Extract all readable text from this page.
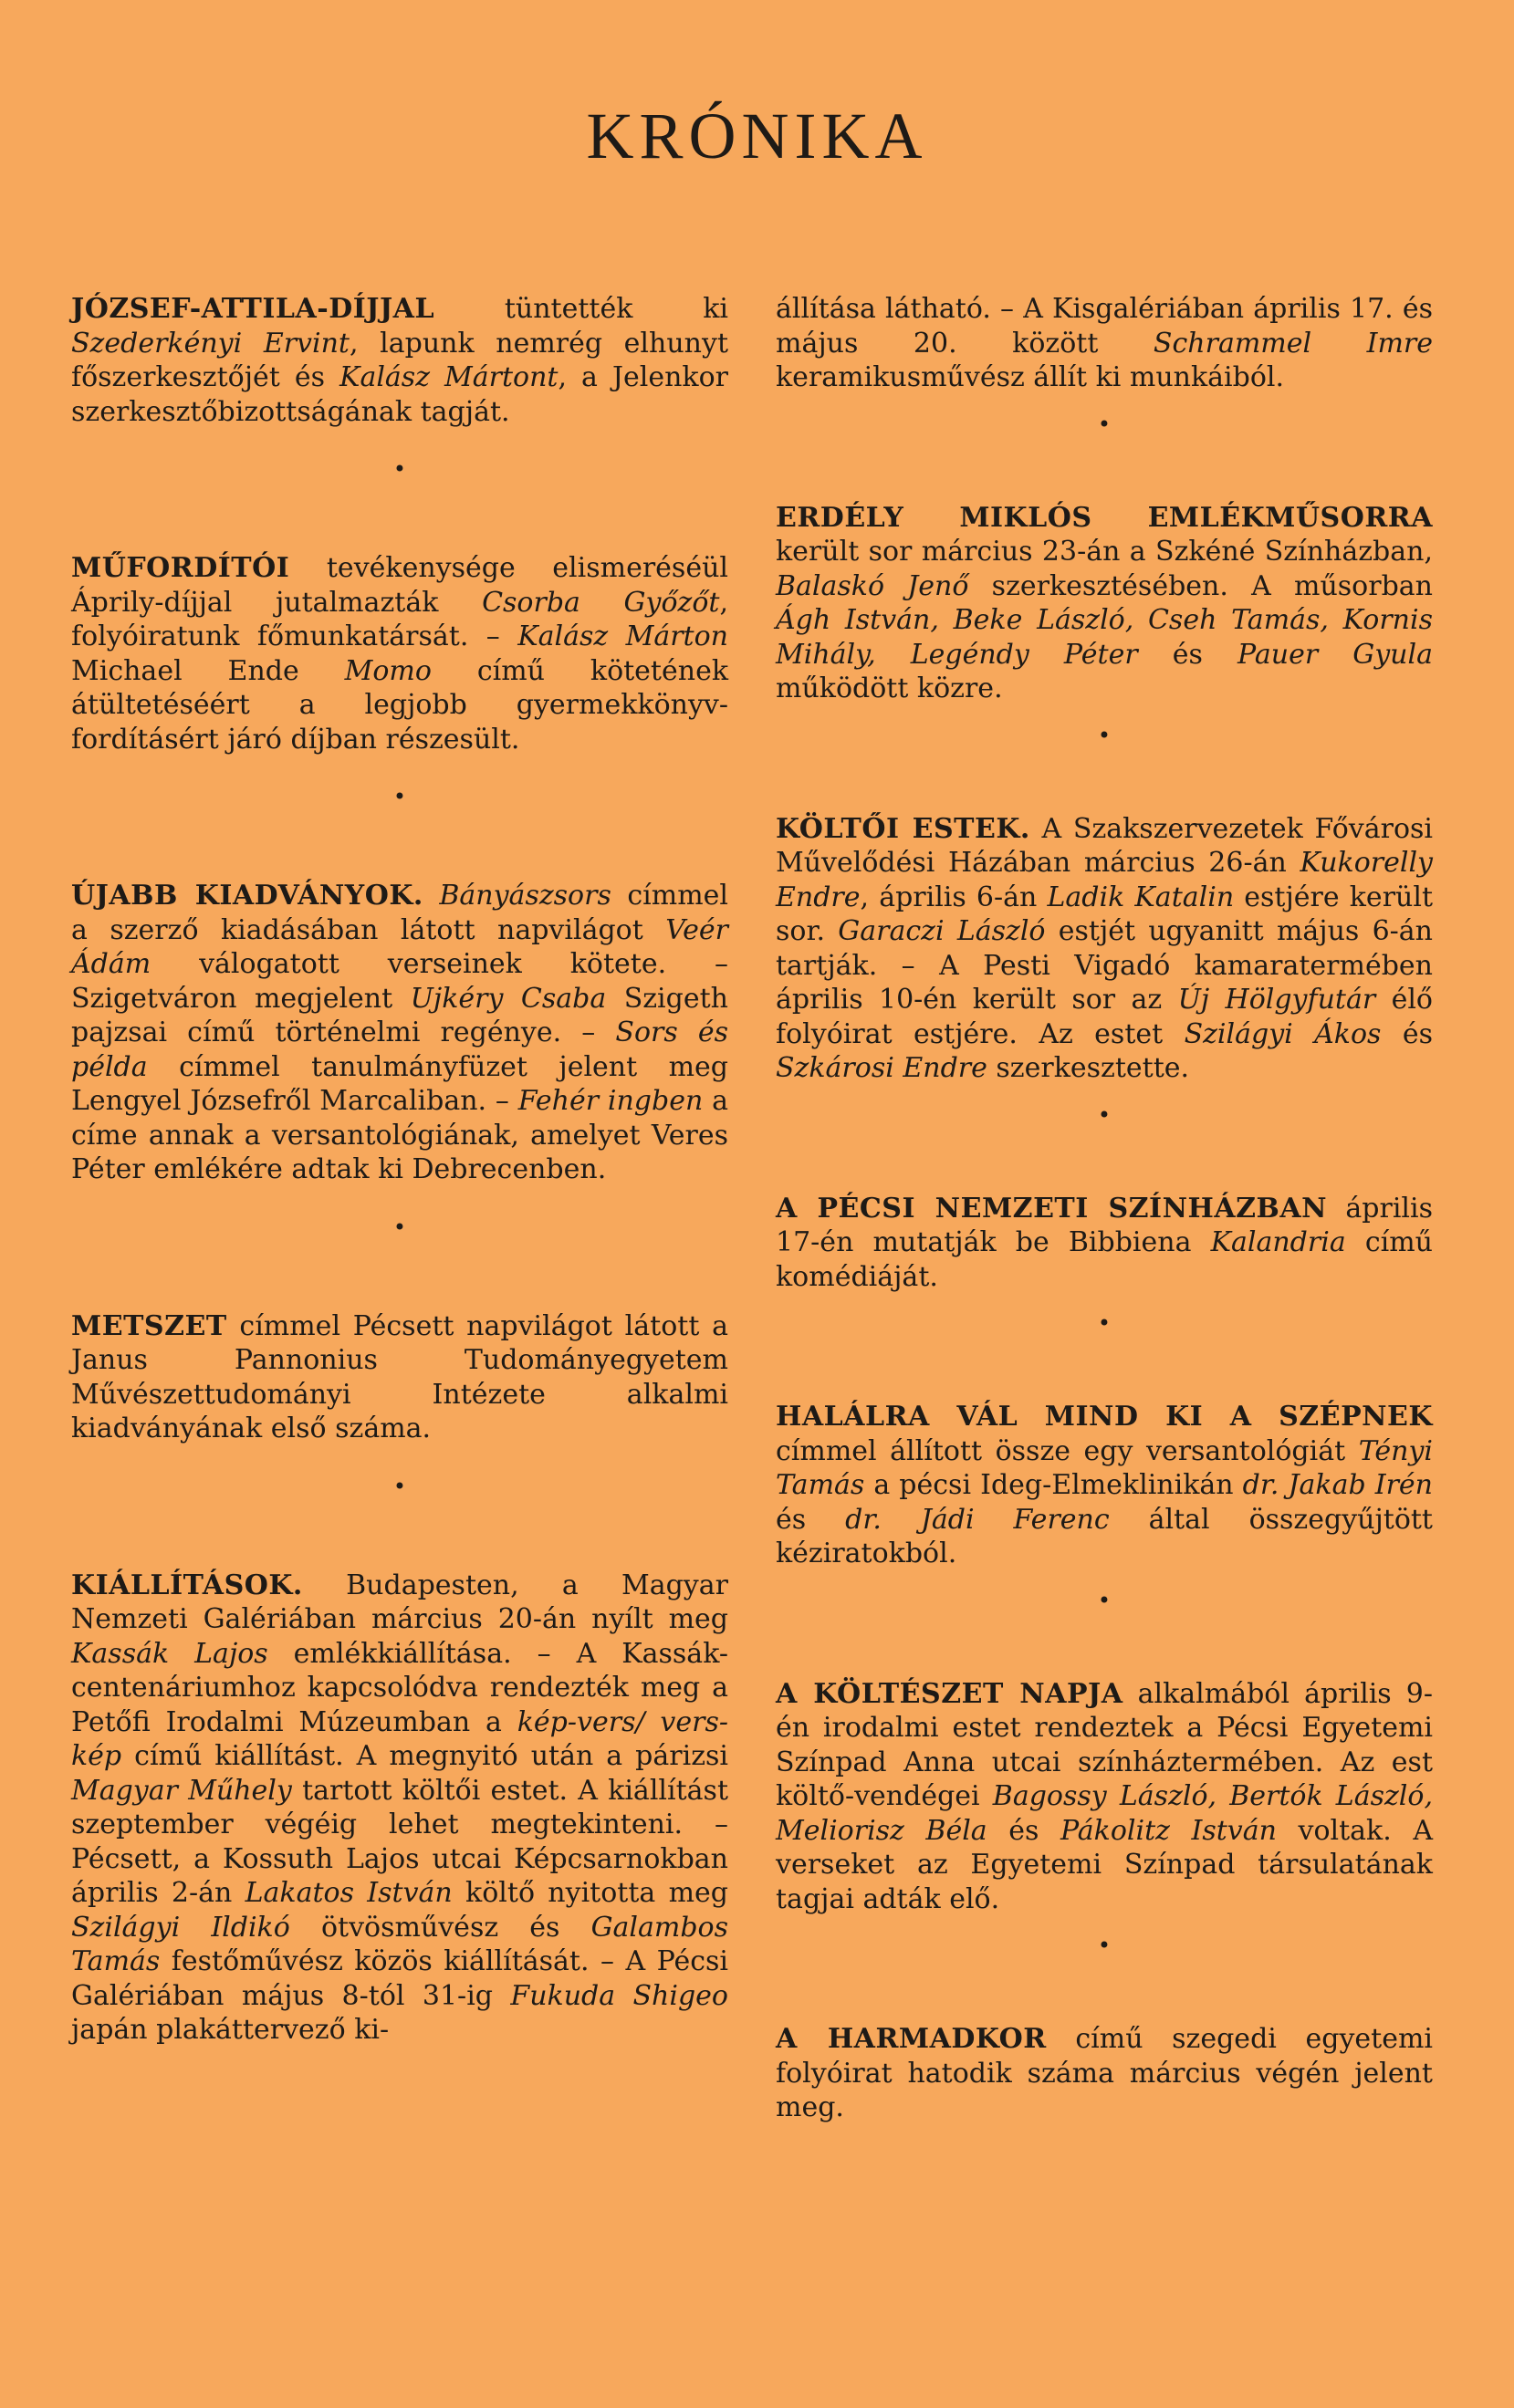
KRÓNIKA

JÓZSEF-ATTILA-DÍJJAL tüntették ki Szederkényi Ervint, lapunk nemrég elhunyt főszerkesztőjét és Kalász Mártont, a Jelenkor szerkesztőbizottságának tagját.

•

MŰFORDÍTÓI tevékenysége elismeréséül Áprily-díjjal jutalmazták Csorba Győzőt, folyóiratunk főmunkatársát. – Kalász Márton Michael Ende Momo című kötetének átültetéséért a legjobb gyermekkönyv-fordításért járó díjban részesült.

•

ÚJABB KIADVÁNYOK. Bányászsors címmel a szerző kiadásában látott napvilágot Veér Ádám válogatott verseinek kötete. – Szigetváron megjelent Ujkéry Csaba Szigeth pajzsai című történelmi regénye. – Sors és példa címmel tanulmányfüzet jelent meg Lengyel Józsefről Marcaliban. – Fehér ingben a címe annak a versantológiának, amelyet Veres Péter emlékére adtak ki Debrecenben.

•

METSZET címmel Pécsett napvilágot látott a Janus Pannonius Tudományegyetem Művészettudományi Intézete alkalmi kiadványának első száma.

•

KIÁLLÍTÁSOK. Budapesten, a Magyar Nemzeti Galériában március 20-án nyílt meg Kassák Lajos emlékkiállítása. – A Kassák-centenáriumhoz kapcsolódva rendezték meg a Petőfi Irodalmi Múzeumban a kép-vers/ vers-kép című kiállítást. A megnyitó után a párizsi Magyar Műhely tartott költői estet. A kiállítást szeptember végéig lehet megtekinteni. – Pécsett, a Kossuth Lajos utcai Képcsarnokban április 2-án Lakatos István költő nyitotta meg Szilágyi Ildikó ötvösművész és Galambos Tamás festőművész közös kiállítását. – A Pécsi Galériában május 8-tól 31-ig Fukuda Shigeo japán plakáttervező ki-

állítása látható. – A Kisgalériában április 17. és május 20. között Schrammel Imre keramikusművész állít ki munkáiból.

•

ERDÉLY MIKLÓS EMLÉKMŰSORRA került sor március 23-án a Szkéné Színházban, Balaskó Jenő szerkesztésében. A műsorban Ágh István, Beke László, Cseh Tamás, Kornis Mihály, Legéndy Péter és Pauer Gyula működött közre.

•

KÖLTŐI ESTEK. A Szakszervezetek Fővárosi Művelődési Házában március 26-án Kukorelly Endre, április 6-án Ladik Katalin estjére került sor. Garaczi László estjét ugyanitt május 6-án tartják. – A Pesti Vigadó kamaratermében április 10-én került sor az Új Hölgyfutár élő folyóirat estjére. Az estet Szilágyi Ákos és Szkárosi Endre szerkesztette.

•

A PÉCSI NEMZETI SZÍNHÁZBAN április 17-én mutatják be Bibbiena Kalandria című komédiáját.

•

HALÁLRA VÁL MIND KI A SZÉPNEK címmel állított össze egy versantológiát Tényi Tamás a pécsi Ideg-Elmeklinikán dr. Jakab Irén és dr. Jádi Ferenc által összegyűjtött kéziratokból.

•

A KÖLTÉSZET NAPJA alkalmából április 9-én irodalmi estet rendeztek a Pécsi Egyetemi Színpad Anna utcai színháztermében. Az est költő-vendégei Bagossy László, Bertók László, Meliorisz Béla és Pákolitz István voltak. A verseket az Egyetemi Színpad társulatának tagjai adták elő.

•

A HARMADKOR című szegedi egyetemi folyóirat hatodik száma március végén jelent meg.
